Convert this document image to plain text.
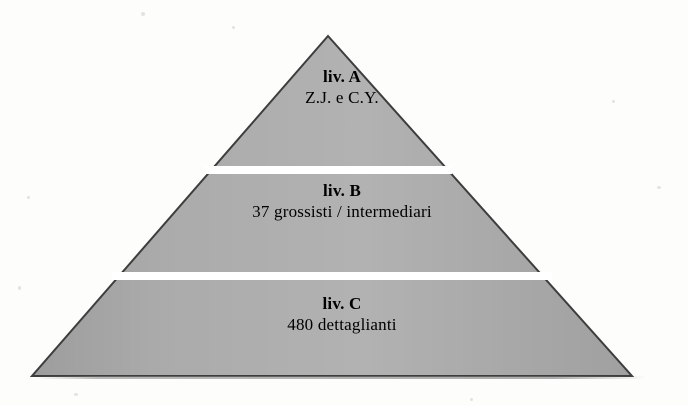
liv. A
Z.J. e C.Y.
liv. B
37 grossisti / intermediari
liv. C
480 dettaglianti
